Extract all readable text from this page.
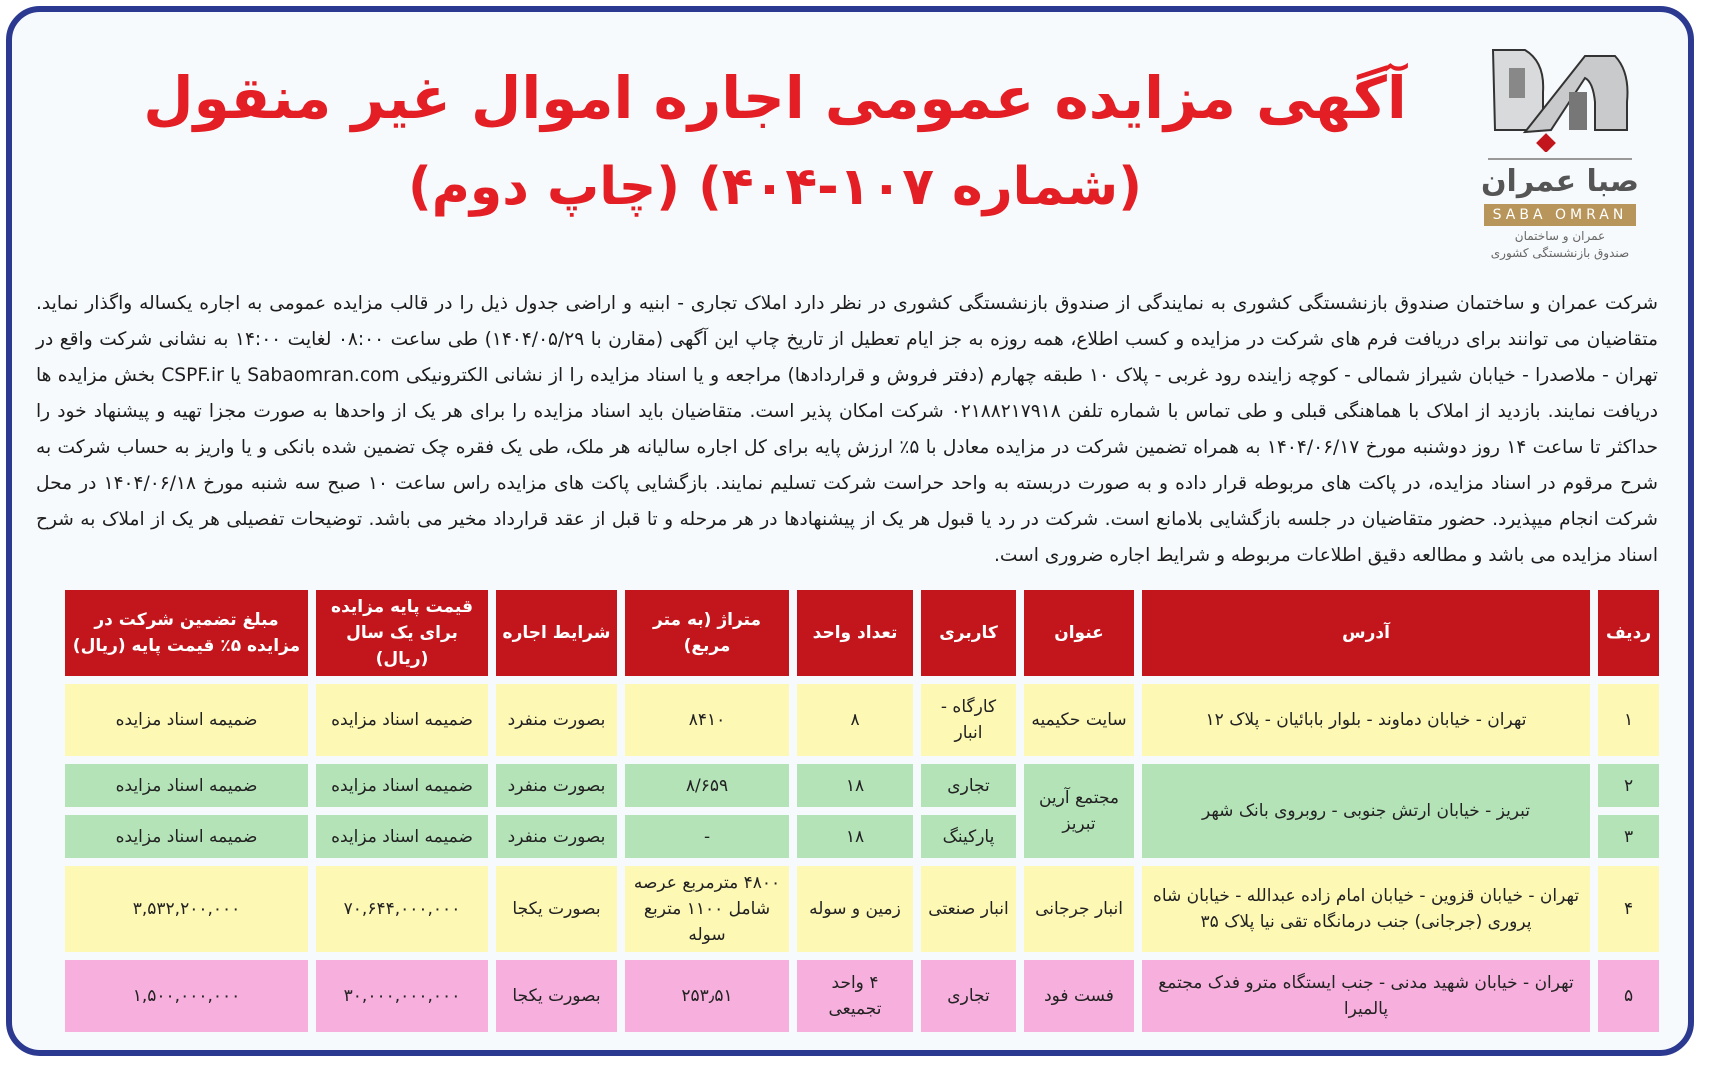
صبا عمران
SABA OMRAN
عمران و ساختمان
صندوق بازنشستگی کشوری
آگهی مزایده عمومی اجاره اموال غیر منقول
(شماره ۱۰۷-۴۰۴) (چاپ دوم)
شرکت عمران و ساختمان صندوق بازنشستگی کشوری به نمایندگی از صندوق بازنشستگی کشوری در نظر دارد املاک تجاری - ابنیه و اراضی جدول ذیل را در قالب مزایده عمومی به اجاره یکساله واگذار نماید. متقاضیان می توانند برای دریافت فرم های شرکت در مزایده و کسب اطلاع، همه روزه به جز ایام تعطیل از تاریخ چاپ این آگهی (مقارن با ۱۴۰۴/۰۵/۲۹) طی ساعت ۰۸:۰۰ لغایت ۱۴:۰۰ به نشانی شرکت واقع در تهران - ملاصدرا - خیابان شیراز شمالی - کوچه زاینده رود غربی - پلاک ۱۰ طبقه چهارم (دفتر فروش و قراردادها) مراجعه و یا اسناد مزایده را از نشانی الکترونیکی Sabaomran.com یا CSPF.ir بخش مزایده ها دریافت نمایند. بازدید از املاک با هماهنگی قبلی و طی تماس با شماره تلفن ۰۲۱۸۸۲۱۷۹۱۸ شرکت امکان پذیر است. متقاضیان باید اسناد مزایده را برای هر یک از واحدها به صورت مجزا تهیه و پیشنهاد خود را حداکثر تا ساعت ۱۴ روز دوشنبه مورخ ۱۴۰۴/۰۶/۱۷ به همراه تضمین شرکت در مزایده معادل با ۵٪ ارزش پایه برای کل اجاره سالیانه هر ملک، طی یک فقره چک تضمین شده بانکی و یا واریز به حساب شرکت به شرح مرقوم در اسناد مزایده، در پاکت های مربوطه قرار داده و به صورت دربسته به واحد حراست شرکت تسلیم نمایند. بازگشایی پاکت های مزایده راس ساعت ۱۰ صبح سه شنبه مورخ ۱۴۰۴/۰۶/۱۸ در محل شرکت انجام میپذیرد. حضور متقاضیان در جلسه بازگشایی بلامانع است. شرکت در رد یا قبول هر یک از پیشنهادها در هر مرحله و تا قبل از عقد قرارداد مخیر می باشد. توضیحات تفصیلی هر یک از املاک به شرح اسناد مزایده می باشد و مطالعه دقیق اطلاعات مربوطه و شرایط اجاره ضروری است.
ردیف
آدرس
عنوان
کاربری
تعداد واحد
متراژ (به متر مربع)
شرایط اجاره
قیمت پایه مزایده برای یک سال (ریال)
مبلغ تضمین شرکت در مزایده ۵٪ قیمت پایه (ریال)
۱
تهران - خیابان دماوند - بلوار بابائیان - پلاک ۱۲
سایت حکیمیه
کارگاه - انبار
۸
۸۴۱۰
بصورت منفرد
ضمیمه اسناد مزایده
ضمیمه اسناد مزایده
۲
تبریز - خیابان ارتش جنوبی - روبروی بانک شهر
مجتمع آرین تبریز
تجاری
۱۸
۸/۶۵۹
بصورت منفرد
ضمیمه اسناد مزایده
ضمیمه اسناد مزایده
۳
پارکینگ
۱۸
-
بصورت منفرد
ضمیمه اسناد مزایده
ضمیمه اسناد مزایده
۴
تهران - خیابان قزوین - خیابان امام زاده عبدالله - خیابان شاه پروری (جرجانی) جنب درمانگاه تقی نیا پلاک ۳۵
انبار جرجانی
انبار صنعتی
زمین و سوله
۴۸۰۰ مترمربع عرصه شامل ۱۱۰۰ متربع سوله
بصورت یکجا
۷۰,۶۴۴,۰۰۰,۰۰۰
۳,۵۳۲,۲۰۰,۰۰۰
۵
تهران - خیابان شهید مدنی - جنب ایستگاه مترو فدک مجتمع پالمیرا
فست فود
تجاری
۴ واحد تجمیعی
۲۵۳٫۵۱
بصورت یکجا
۳۰,۰۰۰,۰۰۰,۰۰۰
۱,۵۰۰,۰۰۰,۰۰۰
